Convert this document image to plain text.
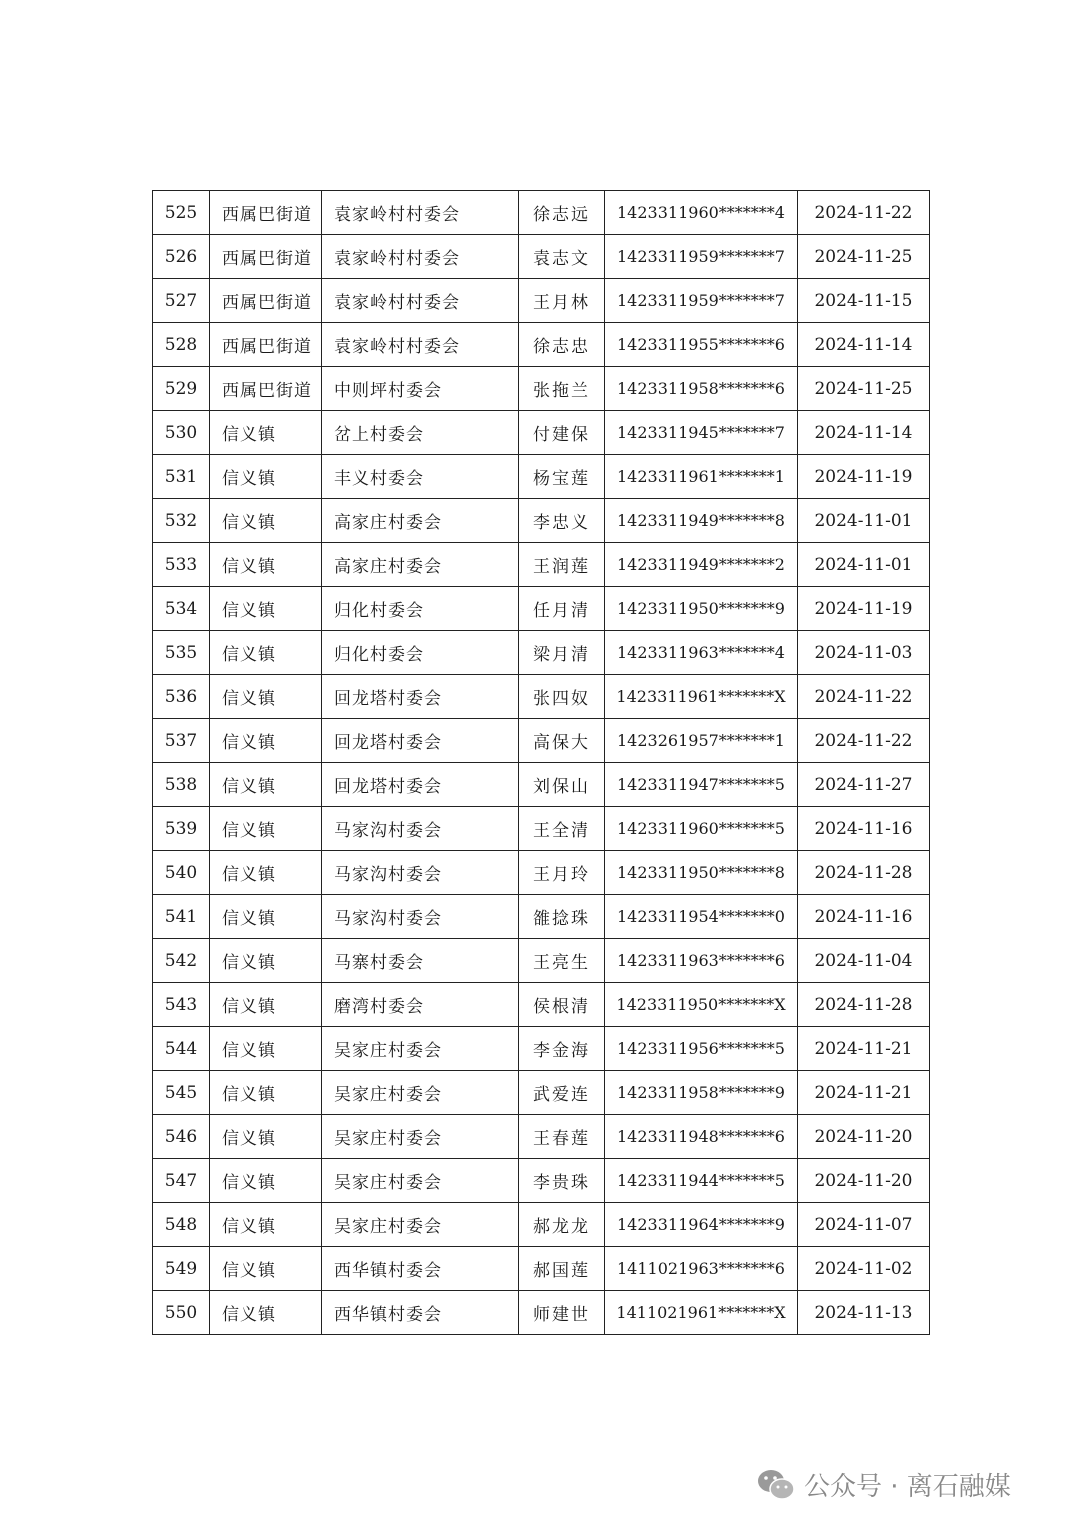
525	西属巴街道	袁家岭村村委会	徐志远	1423311960*******4	2024-11-22
526	西属巴街道	袁家岭村村委会	袁志文	1423311959*******7	2024-11-25
527	西属巴街道	袁家岭村村委会	王月林	1423311959*******7	2024-11-15
528	西属巴街道	袁家岭村村委会	徐志忠	1423311955*******6	2024-11-14
529	西属巴街道	中则坪村委会	张拖兰	1423311958*******6	2024-11-25
530	信义镇	岔上村委会	付建保	1423311945*******7	2024-11-14
531	信义镇	丰义村委会	杨宝莲	1423311961*******1	2024-11-19
532	信义镇	高家庄村委会	李忠义	1423311949*******8	2024-11-01
533	信义镇	高家庄村委会	王润莲	1423311949*******2	2024-11-01
534	信义镇	归化村委会	任月清	1423311950*******9	2024-11-19
535	信义镇	归化村委会	梁月清	1423311963*******4	2024-11-03
536	信义镇	回龙塔村委会	张四奴	1423311961*******X	2024-11-22
537	信义镇	回龙塔村委会	高保大	1423261957*******1	2024-11-22
538	信义镇	回龙塔村委会	刘保山	1423311947*******5	2024-11-27
539	信义镇	马家沟村委会	王全清	1423311960*******5	2024-11-16
540	信义镇	马家沟村委会	王月玲	1423311950*******8	2024-11-28
541	信义镇	马家沟村委会	雒捻珠	1423311954*******0	2024-11-16
542	信义镇	马寨村委会	王亮生	1423311963*******6	2024-11-04
543	信义镇	磨湾村委会	侯根清	1423311950*******X	2024-11-28
544	信义镇	吴家庄村委会	李金海	1423311956*******5	2024-11-21
545	信义镇	吴家庄村委会	武爱连	1423311958*******9	2024-11-21
546	信义镇	吴家庄村委会	王春莲	1423311948*******6	2024-11-20
547	信义镇	吴家庄村委会	李贵珠	1423311944*******5	2024-11-20
548	信义镇	吴家庄村委会	郝龙龙	1423311964*******9	2024-11-07
549	信义镇	西华镇村委会	郝国莲	1411021963*******6	2024-11-02
550	信义镇	西华镇村委会	师建世	1411021961*******X	2024-11-13
公众号 · 离石融媒
